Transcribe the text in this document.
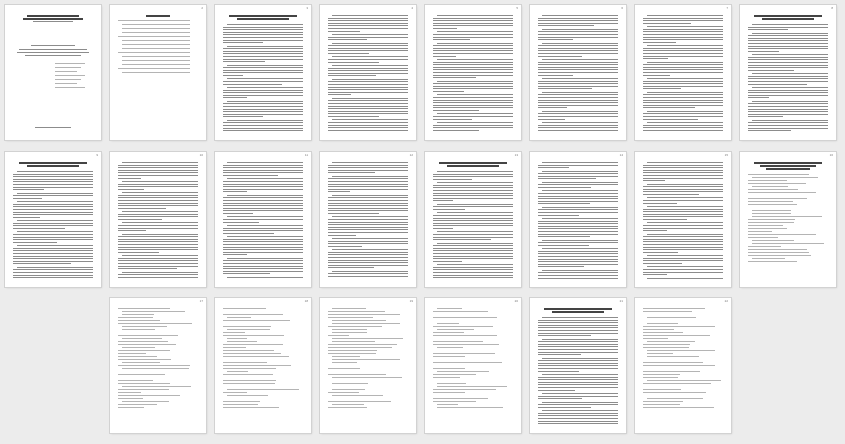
2	3	4	5	6	7	8
9	10	11	12	13	14	15	16
17	18	19	20	21	22
